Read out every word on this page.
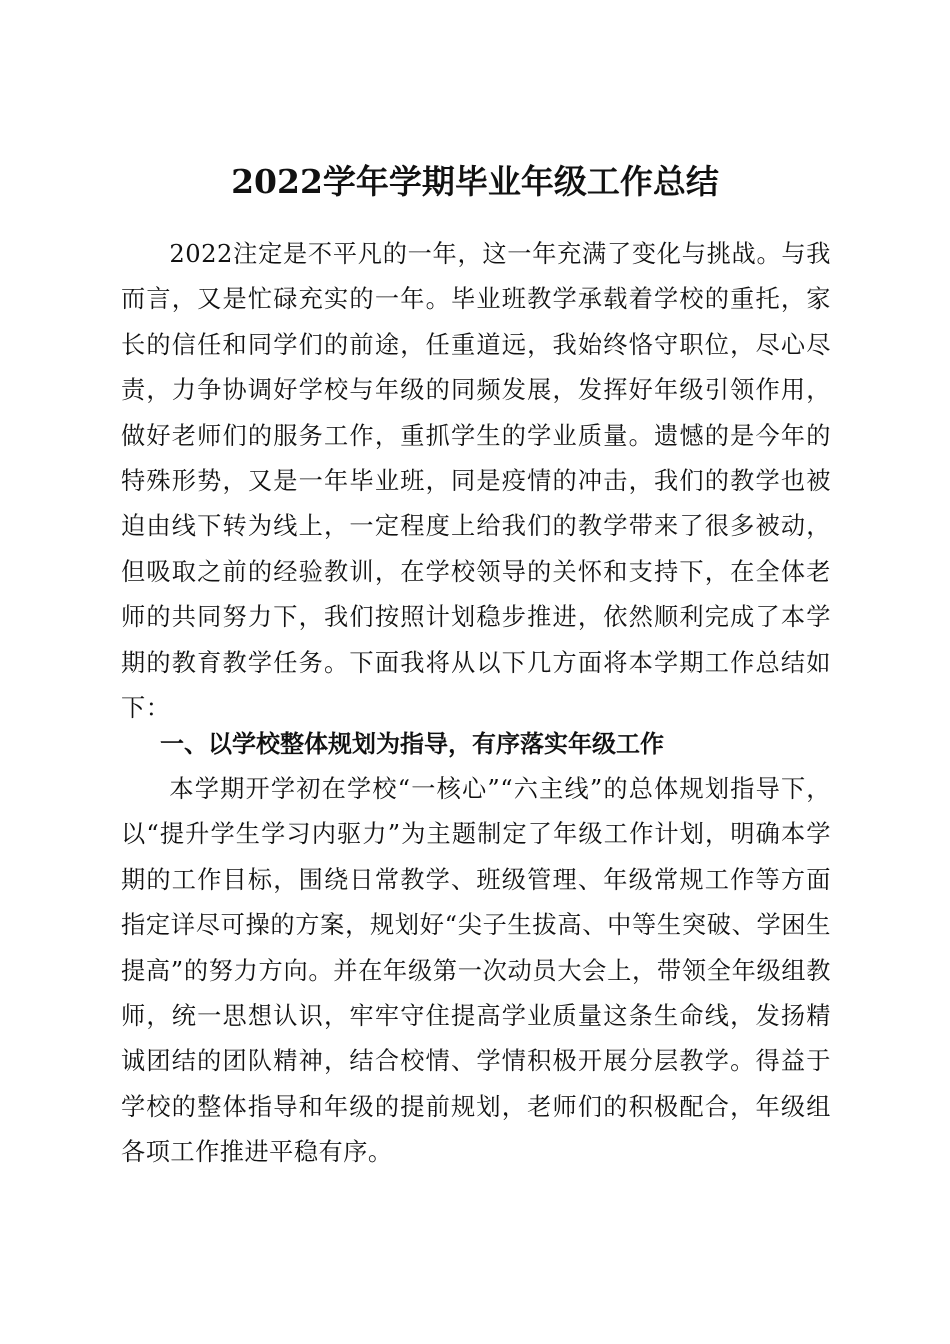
2022学年学期毕业年级工作总结

2022注定是不平凡的一年，这一年充满了变化与挑战。与我而言，又是忙碌充实的一年。毕业班教学承载着学校的重托，家长的信任和同学们的前途，任重道远，我始终恪守职位，尽心尽责，力争协调好学校与年级的同频发展，发挥好年级引领作用，做好老师们的服务工作，重抓学生的学业质量。遗憾的是今年的特殊形势，又是一年毕业班，同是疫情的冲击，我们的教学也被迫由线下转为线上，一定程度上给我们的教学带来了很多被动，但吸取之前的经验教训，在学校领导的关怀和支持下，在全体老师的共同努力下，我们按照计划稳步推进，依然顺利完成了本学期的教育教学任务。下面我将从以下几方面将本学期工作总结如下：

一、以学校整体规划为指导，有序落实年级工作

本学期开学初在学校“一核心”“六主线”的总体规划指导下，以“提升学生学习内驱力”为主题制定了年级工作计划，明确本学期的工作目标，围绕日常教学、班级管理、年级常规工作等方面指定详尽可操的方案，规划好“尖子生拔高、中等生突破、学困生提高”的努力方向。并在年级第一次动员大会上，带领全年级组教师，统一思想认识，牢牢守住提高学业质量这条生命线，发扬精诚团结的团队精神，结合校情、学情积极开展分层教学。得益于学校的整体指导和年级的提前规划，老师们的积极配合，年级组各项工作推进平稳有序。
